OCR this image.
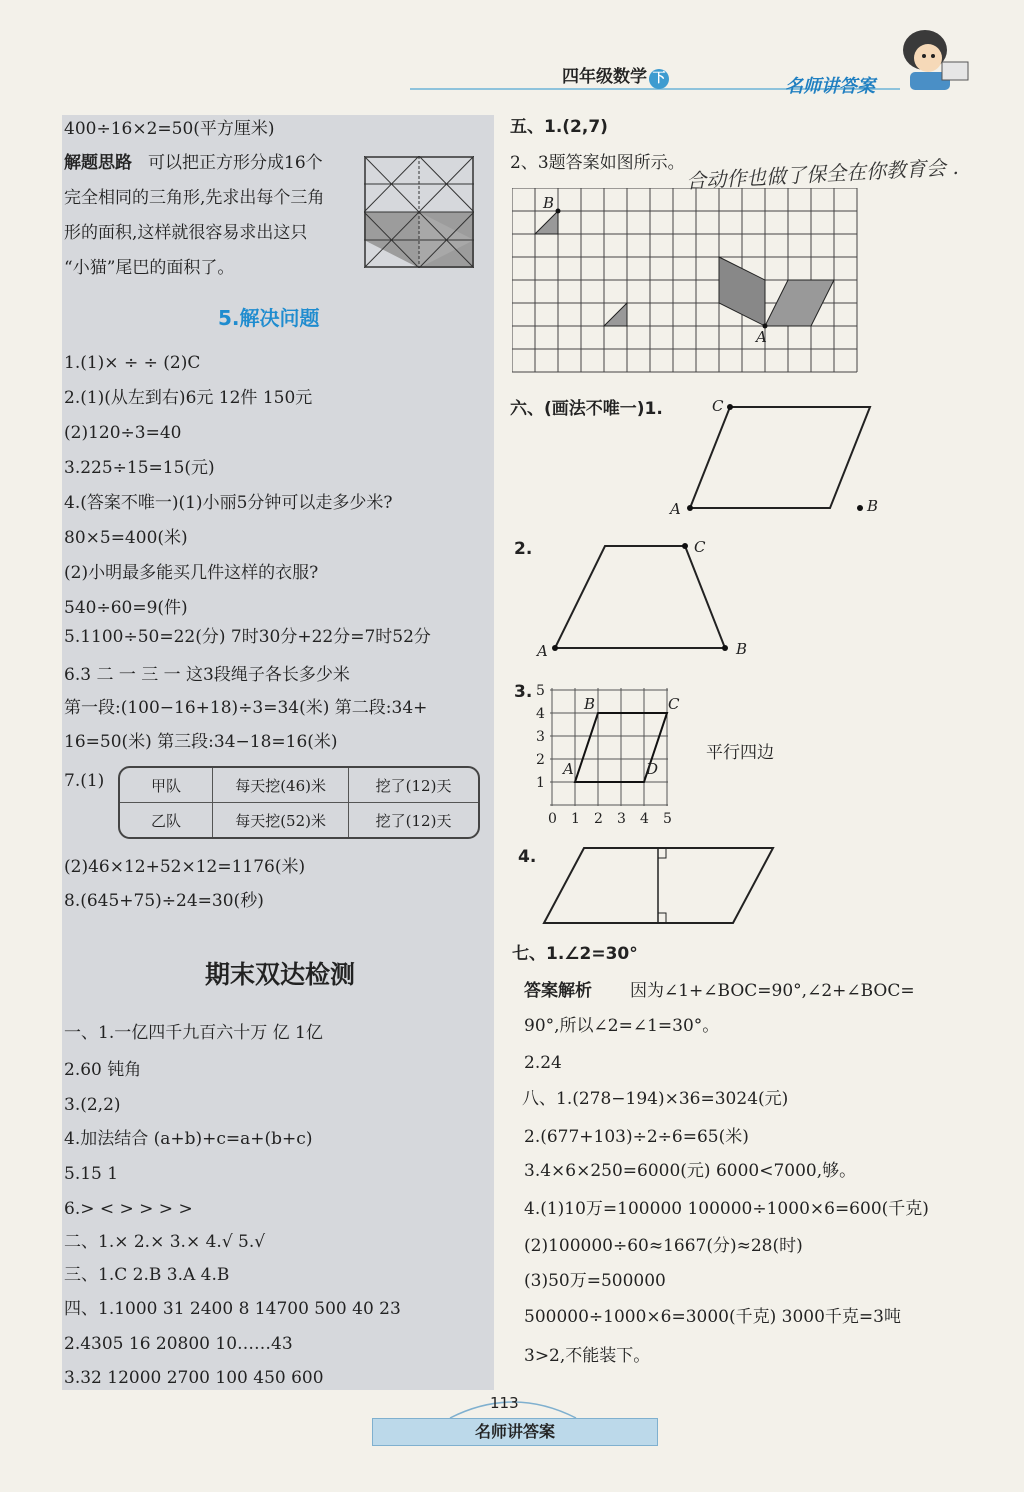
四年级数学 下	名师讲答案
400÷16×2=50(平方厘米)
解题思路 可以把正方形分成16个
完全相同的三角形,先求出每个三角
形的面积,这样就很容易求出这只
“小猫”尾巴的面积了。
5.解决问题
1.(1)× ÷ ÷ (2)C
2.(1)(从左到右)6元 12件 150元
(2)120÷3=40
3.225÷15=15(元)
4.(答案不唯一)(1)小丽5分钟可以走多少米?
80×5=400(米)
(2)小明最多能买几件这样的衣服?
540÷60=9(件)
5.1100÷50=22(分) 7时30分+22分=7时52分
6.3 二 一 三 一 这3段绳子各长多少米
第一段:(100−16+18)÷3=34(米) 第二段:34+
16=50(米) 第三段:34−18=16(米)
7.(1)	甲队	每天挖(46)米	挖了(12)天
乙队	每天挖(52)米	挖了(12)天
(2)46×12+52×12=1176(米)
8.(645+75)÷24=30(秒)
期末双达检测
一、1.一亿四千九百六十万 亿 1亿
2.60 钝角
3.(2,2)
4.加法结合 (a+b)+c=a+(b+c)
5.15 1
6.> < > > > >
二、1.× 2.× 3.× 4.√ 5.√
三、1.C 2.B 3.A 4.B
四、1.1000 31 2400 8 14700 500 40 23
2.4305 16 20800 10……43
3.32 12000 2700 100 450 600
五、1.(2,7)
2、3题答案如图所示。 合动作也做了保全在你教育会 .
B
A
六、(画法不唯一)1.	C
A	B
2.	C
A	B
3. 5
4
3
2
1
0 1 2 3 4 5
B	C
A	D
平行四边
4.
七、1.∠2=30°
答案解析 因为∠1+∠BOC=90°,∠2+∠BOC=
90°,所以∠2=∠1=30°。
2.24
八、1.(278−194)×36=3024(元)
2.(677+103)÷2÷6=65(米)
3.4×6×250=6000(元) 6000<7000,够。
4.(1)10万=100000 100000÷1000×6=600(千克)
(2)100000÷60≈1667(分)≈28(时)
(3)50万=500000
500000÷1000×6=3000(千克) 3000千克=3吨
3>2,不能装下。
113
名师讲答案
